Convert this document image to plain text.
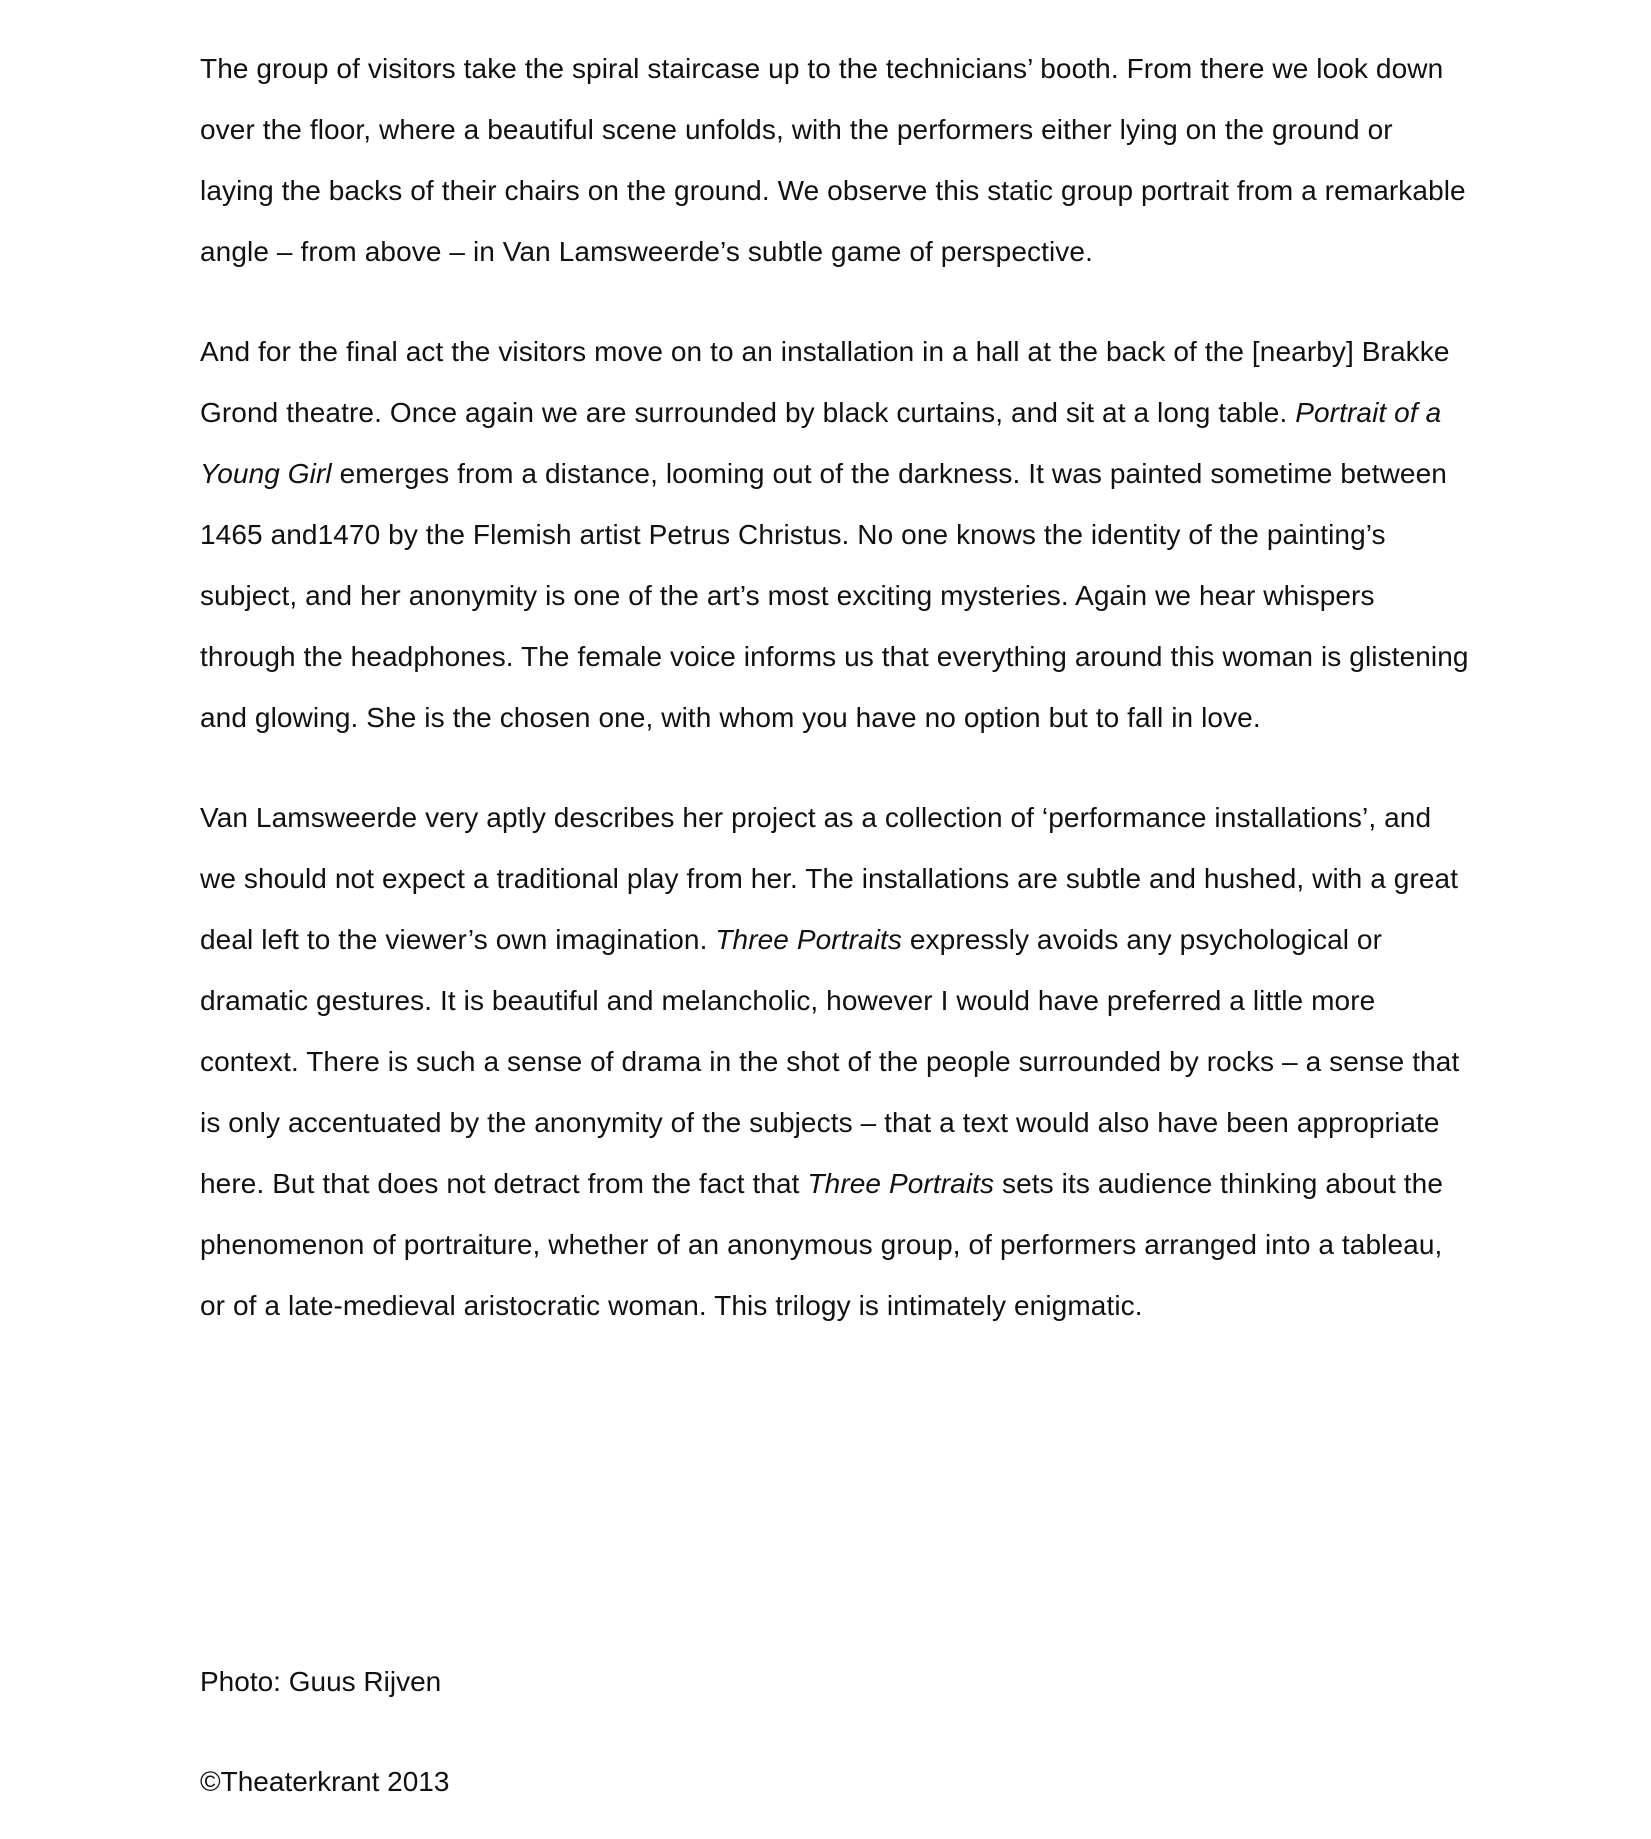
The group of visitors take the spiral staircase up to the technicians’ booth. From there we look down over the floor, where a beautiful scene unfolds, with the performers either lying on the ground or laying the backs of their chairs on the ground. We observe this static group portrait from a remarkable angle – from above – in Van Lamsweerde’s subtle game of perspective.

And for the final act the visitors move on to an installation in a hall at the back of the [nearby] Brakke Grond theatre. Once again we are surrounded by black curtains, and sit at a long table. Portrait of a Young Girl emerges from a distance, looming out of the darkness. It was painted sometime between 1465 and1470 by the Flemish artist Petrus Christus. No one knows the identity of the painting’s subject, and her anonymity is one of the art’s most exciting mysteries. Again we hear whispers through the headphones. The female voice informs us that everything around this woman is glistening and glowing. She is the chosen one, with whom you have no option but to fall in love.

Van Lamsweerde very aptly describes her project as a collection of ‘performance installations’, and we should not expect a traditional play from her. The installations are subtle and hushed, with a great deal left to the viewer’s own imagination. Three Portraits expressly avoids any psychological or dramatic gestures. It is beautiful and melancholic, however I would have preferred a little more context. There is such a sense of drama in the shot of the people surrounded by rocks – a sense that is only accentuated by the anonymity of the subjects – that a text would also have been appropriate here. But that does not detract from the fact that Three Portraits sets its audience thinking about the phenomenon of portraiture, whether of an anonymous group, of performers arranged into a tableau, or of a late-medieval aristocratic woman. This trilogy is intimately enigmatic.

Photo: Guus Rijven

©Theaterkrant 2013
